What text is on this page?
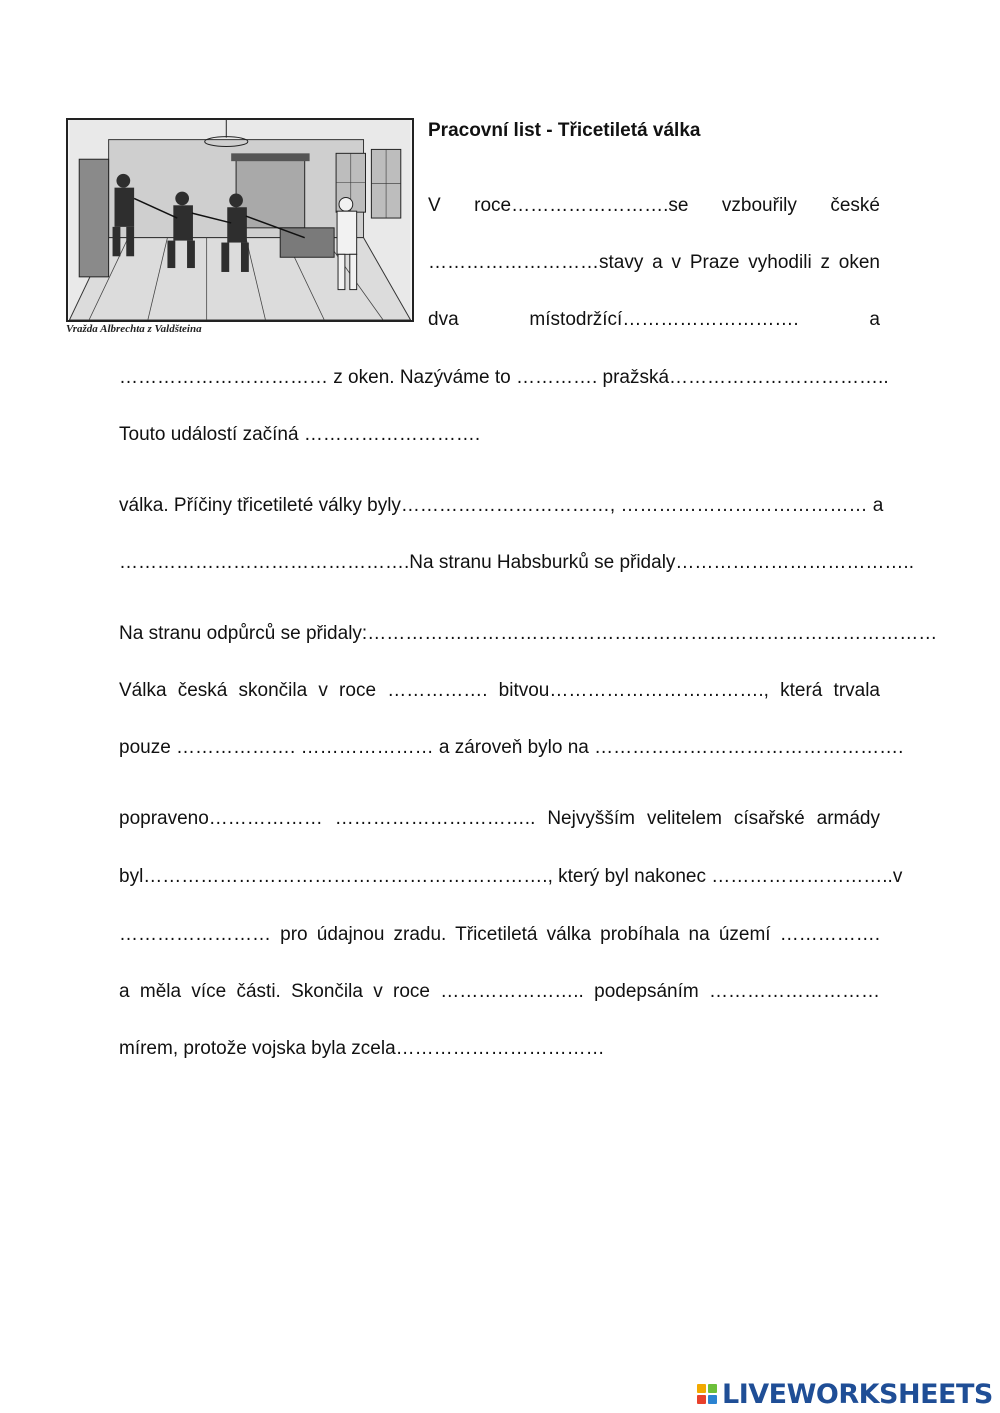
Vražda Albrechta z Valdšteina
Pracovní list - Třicetiletá válka
V roce…………………….se vzbouřily české
………………………stavy a v Praze vyhodili z oken
dva místodržící………………………. a
…………………………… z oken. Nazýváme to …………. pražská……………………………..
Touto událostí začíná ……………………….
válka. Příčiny třicetileté války byly……………………………, ………………………………… a
……………………………………….Na stranu Habsburků se přidaly………………………………..
Na stranu odpůrců se přidaly:………………………………………………………………………………
Válka česká skončila v roce ……………. bitvou……………………………., která trvala
pouze ………………. ………………… a zároveň bylo na ………………………………………….
popraveno……………… ………………………….. Nejvyšším velitelem císařské armády
byl………………………………………………………., který byl nakonec ………………………..v
…………………… pro údajnou zradu. Třicetiletá válka probíhala na území …………….
a měla více části. Skončila v roce ………………….. podepsáním ………………………
mírem, protože vojska byla zcela……………………………
LIVEWORKSHEETS
